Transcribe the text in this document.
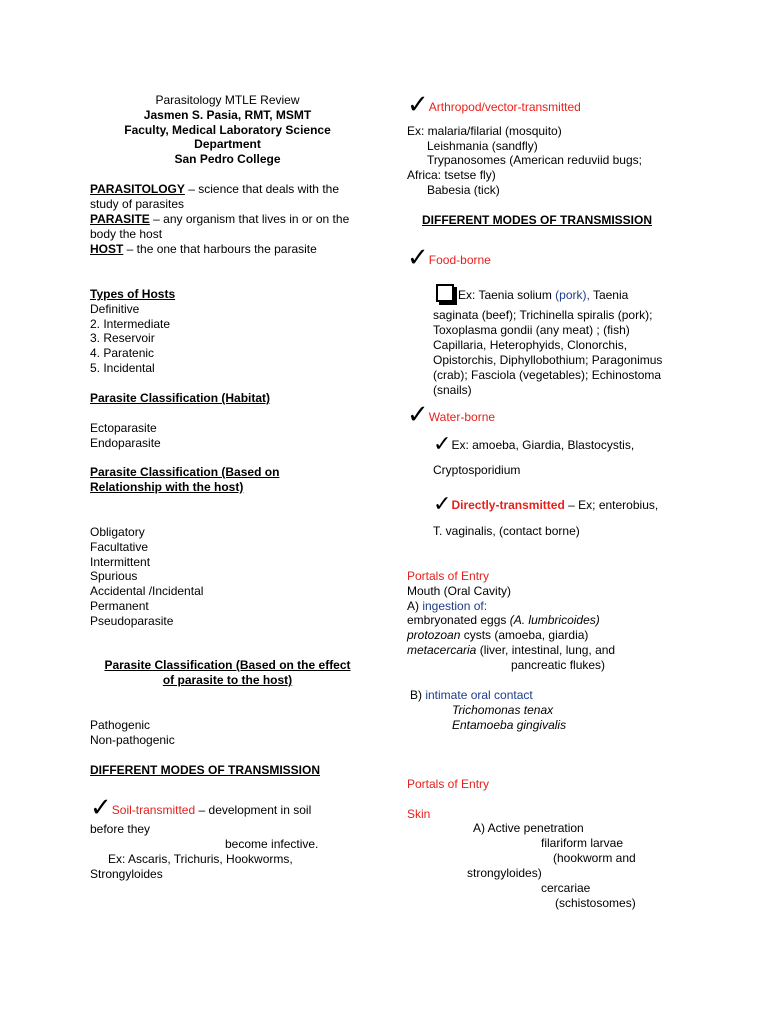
Parasitology MTLE Review
Jasmen S. Pasia, RMT, MSMT
Faculty, Medical Laboratory Science
Department
San Pedro College
PARASITOLOGY – science that deals with the study of parasites
PARASITE – any organism that lives in or on the body the host
HOST – the one that harbours the parasite
Types of Hosts
Definitive
2. Intermediate
3. Reservoir
4. Paratenic
5. Incidental
Parasite Classification (Habitat)
Ectoparasite
Endoparasite
Parasite Classification (Based on
Relationship with the host)
Obligatory
Facultative
Intermittent
Spurious
Accidental /Incidental
Permanent
Pseudoparasite
Parasite Classification (Based on the effect
of parasite to the host)
Pathogenic
Non-pathogenic
DIFFERENT MODES OF TRANSMISSION
✓Soil-transmitted – development in soil
before they
become infective.
Ex: Ascaris, Trichuris, Hookworms,
Strongyloides
✓Arthropod/vector-transmitted
Ex: malaria/filarial (mosquito)
Leishmania (sandfly)
Trypanosomes (American reduviid bugs;
Africa: tsetse fly)
Babesia (tick)
DIFFERENT MODES OF TRANSMISSION
✓Food-borne
Ex: Taenia solium (pork), Taenia
saginata (beef); Trichinella spiralis (pork);
Toxoplasma gondii (any meat) ; (fish)
Capillaria, Heterophyids, Clonorchis,
Opistorchis, Diphyllobothium; Paragonimus
(crab); Fasciola (vegetables); Echinostoma
(snails)
✓Water-borne
✓Ex: amoeba, Giardia, Blastocystis,
Cryptosporidium
✓Directly-transmitted – Ex; enterobius,
T. vaginalis, (contact borne)
Portals of Entry
Mouth (Oral Cavity)
A) ingestion of:
embryonated eggs (A. lumbricoides)
protozoan cysts (amoeba, giardia)
metacercaria (liver, intestinal, lung, and
pancreatic flukes)
B) intimate oral contact
Trichomonas tenax
Entamoeba gingivalis
Portals of Entry
Skin
A) Active penetration
filariform larvae
(hookworm and
strongyloides)
cercariae
(schistosomes)
